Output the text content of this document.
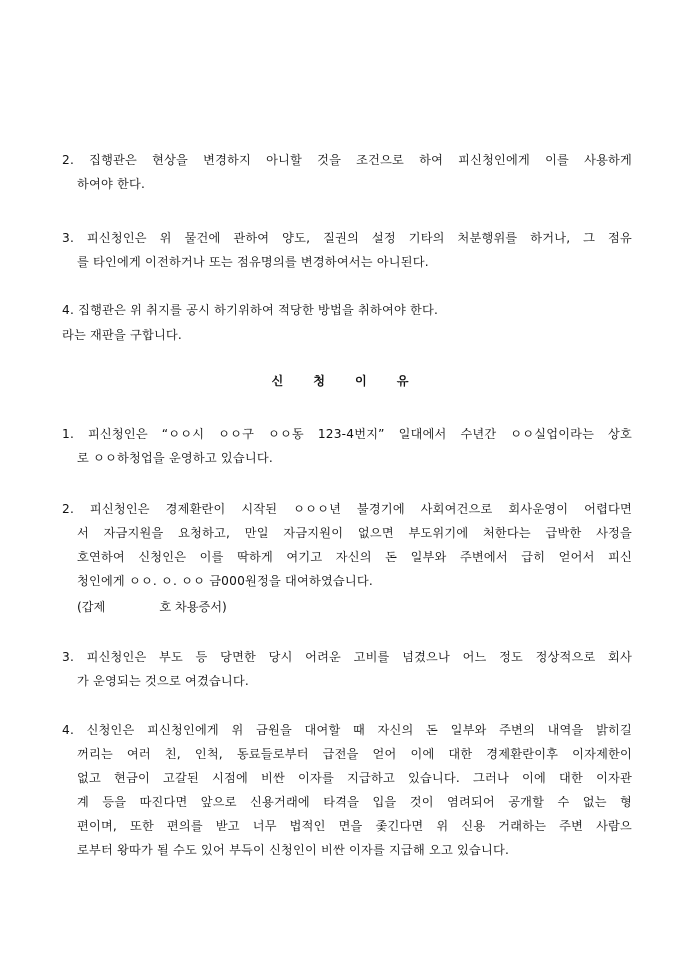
2. 집행관은 현상을 변경하지 아니할 것을 조건으로 하여 피신청인에게 이를 사용하게
하여야 한다.
3. 피신청인은 위 물건에 관하여 양도, 질권의 설정 기타의 처분행위를 하거나, 그 점유
를 타인에게 이전하거나 또는 점유명의를 변경하여서는 아니된다.
4. 집행관은 위 취지를 공시 하기위하여 적당한 방법을 취하여야 한다.
라는 재판을 구합니다.
신청이유
1. 피신청인은 “ㅇㅇ시 ㅇㅇ구 ㅇㅇ동 123-4번지” 일대에서 수년간 ㅇㅇ실업이라는 상호
로 ㅇㅇ하청업을 운영하고 있습니다.
2. 피신청인은 경제환란이 시작된 ㅇㅇㅇ년 불경기에 사회여건으로 회사운영이 어렵다면
서 자금지원을 요청하고, 만일 자금지원이 없으면 부도위기에 처한다는 급박한 사정을
호연하여 신청인은 이를 딱하게 여기고 자신의 돈 일부와 주변에서 급히 얻어서 피신
청인에게 ㅇㅇ. ㅇ. ㅇㅇ 금000원정을 대여하였습니다.
(갑제	호 차용증서)
3. 피신청인은 부도 등 당면한 당시 어려운 고비를 넘겼으나 어느 정도 정상적으로 회사
가 운영되는 것으로 여겼습니다.
4. 신청인은 피신청인에게 위 금원을 대여할 때 자신의 돈 일부와 주변의 내역을 밝히길
꺼리는 여러 친, 인척, 동료들로부터 급전을 얻어 이에 대한 경제환란이후 이자제한이
없고 현금이 고갈된 시점에 비싼 이자를 지급하고 있습니다. 그러나 이에 대한 이자관
계 등을 따진다면 앞으로 신용거래에 타격을 입을 것이 염려되어 공개할 수 없는 형
편이며, 또한 편의를 받고 너무 법적인 면을 좇긴다면 위 신용 거래하는 주변 사람으
로부터 왕따가 될 수도 있어 부득이 신청인이 비싼 이자를 지급해 오고 있습니다.
